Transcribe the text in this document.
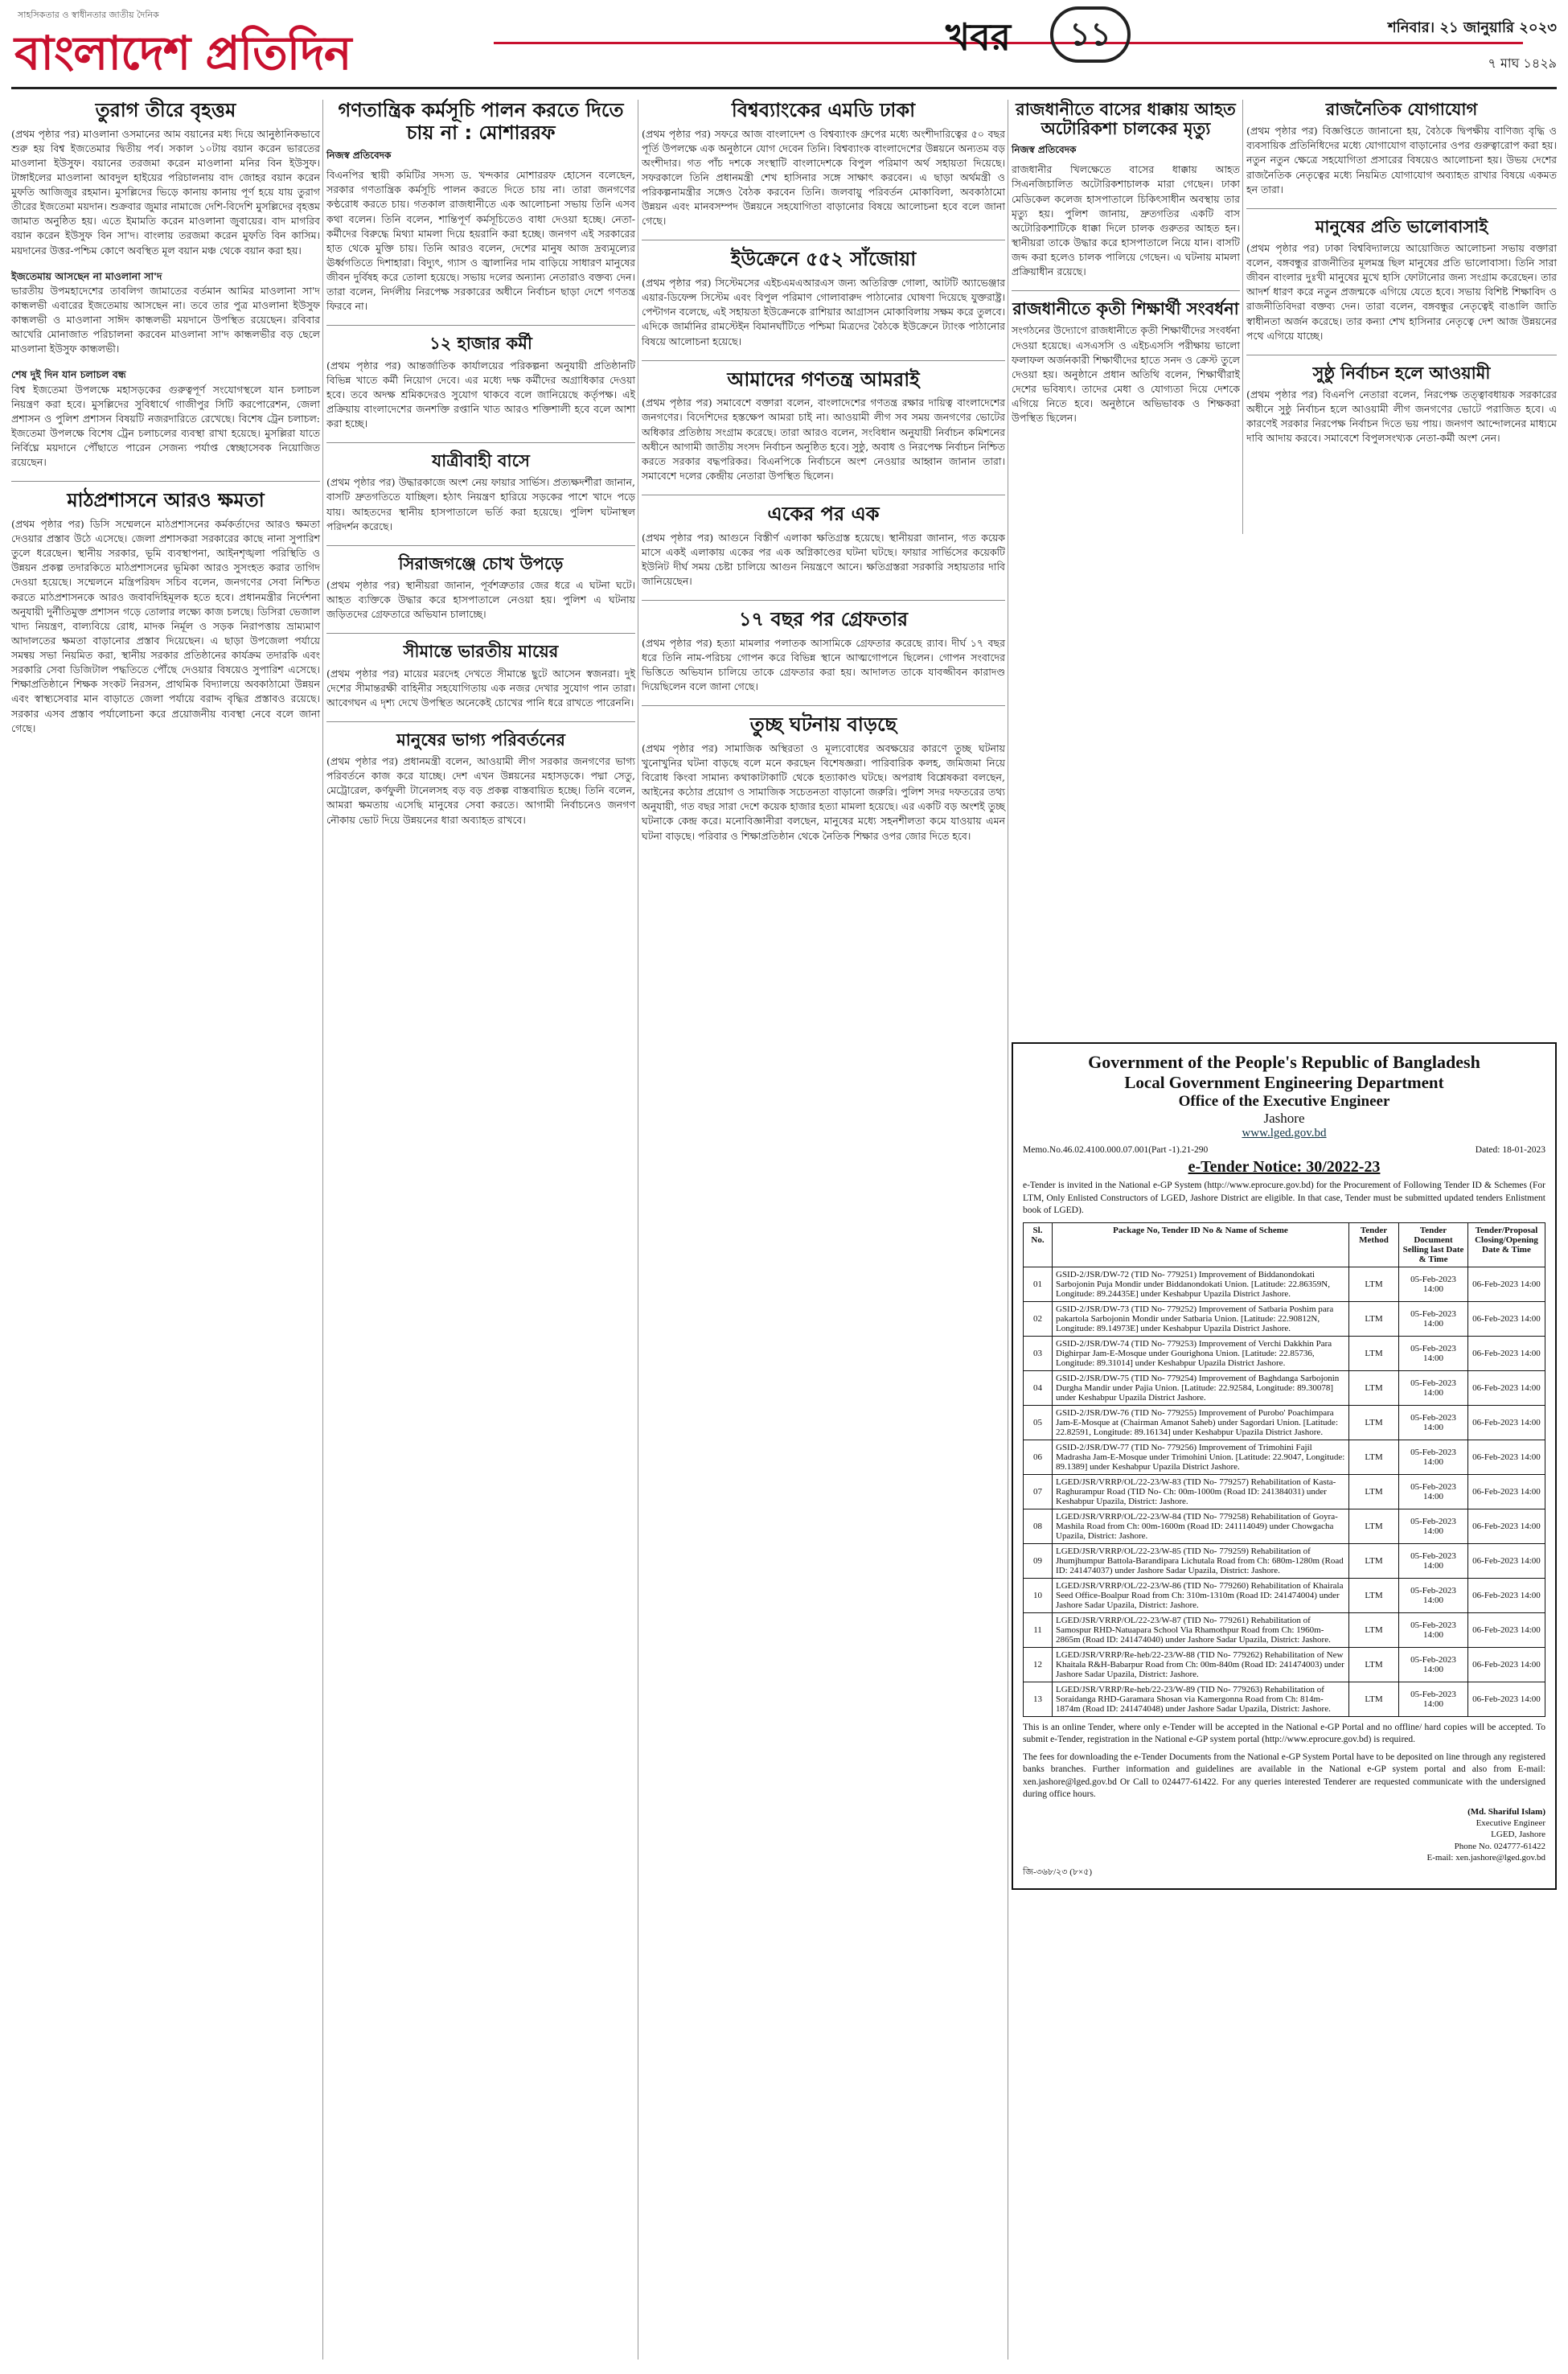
সাহসিকতার ও স্বাধীনতার জাতীয় দৈনিক
বাংলাদেশ প্রতিদিন	খবর	১১	শনিবার। ২১ জানুয়ারি ২০২৩
৭ মাঘ ১৪২৯
তুরাগ তীরে বৃহত্তম

(প্রথম পৃষ্ঠার পর) মাওলানা ওসমানের আম বয়ানের মধ্য দিয়ে আনুষ্ঠানিকভাবে শুরু হয় বিশ্ব ইজতেমার দ্বিতীয় পর্ব। সকাল ১০টায় বয়ান করেন ভারতের মাওলানা ইউসুফ। বয়ানের তরজমা করেন মাওলানা মনির বিন ইউসুফ। টাঙ্গাইলের মাওলানা আবদুল হাইয়ের পরিচালনায় বাদ জোহর বয়ান করেন মুফতি আজিজুর রহমান। মুসল্লিদের ভিড়ে কানায় কানায় পূর্ণ হয়ে যায় তুরাগ তীরের ইজতেমা ময়দান। শুক্রবার জুমার নামাজে দেশি-বিদেশি মুসল্লিদের বৃহত্তম জামাত অনুষ্ঠিত হয়। এতে ইমামতি করেন মাওলানা জুবায়ের। বাদ মাগরিব বয়ান করেন ইউসুফ বিন সা'দ। বাংলায় তরজমা করেন মুফতি বিন কাসিম। ময়দানের উত্তর-পশ্চিম কোণে অবস্থিত মূল বয়ান মঞ্চ থেকে বয়ান করা হয়।

ইজতেমায় আসছেন না মাওলানা সা'দ

ভারতীয় উপমহাদেশের তাবলিগ জামাতের বর্তমান আমির মাওলানা সা'দ কান্ধলভী এবারের ইজতেমায় আসছেন না। তবে তার পুত্র মাওলানা ইউসুফ কান্ধলভী ও মাওলানা সাঈদ কান্ধলভী ময়দানে উপস্থিত রয়েছেন। রবিবার আখেরি মোনাজাত পরিচালনা করবেন মাওলানা সা'দ কান্ধলভীর বড় ছেলে মাওলানা ইউসুফ কান্ধলভী।

শেষ দুই দিন যান চলাচল বন্ধ

বিশ্ব ইজতেমা উপলক্ষে মহাসড়কের গুরুত্বপূর্ণ সংযোগস্থলে যান চলাচল নিয়ন্ত্রণ করা হবে। মুসল্লিদের সুবিধার্থে গাজীপুর সিটি করপোরেশন, জেলা প্রশাসন ও পুলিশ প্রশাসন বিষয়টি নজরদারিতে রেখেছে। বিশেষ ট্রেন চলাচল: ইজতেমা উপলক্ষে বিশেষ ট্রেন চলাচলের ব্যবস্থা রাখা হয়েছে। মুসল্লিরা যাতে নির্বিঘ্নে ময়দানে পৌঁছাতে পারেন সেজন্য পর্যাপ্ত স্বেচ্ছাসেবক নিয়োজিত রয়েছেন।

মাঠপ্রশাসনে আরও ক্ষমতা

(প্রথম পৃষ্ঠার পর) ডিসি সম্মেলনে মাঠপ্রশাসনের কর্মকর্তাদের আরও ক্ষমতা দেওয়ার প্রস্তাব উঠে এসেছে। জেলা প্রশাসকরা সরকারের কাছে নানা সুপারিশ তুলে ধরেছেন। স্থানীয় সরকার, ভূমি ব্যবস্থাপনা, আইনশৃঙ্খলা পরিস্থিতি ও উন্নয়ন প্রকল্প তদারকিতে মাঠপ্রশাসনের ভূমিকা আরও সুসংহত করার তাগিদ দেওয়া হয়েছে। সম্মেলনে মন্ত্রিপরিষদ সচিব বলেন, জনগণের সেবা নিশ্চিত করতে মাঠপ্রশাসনকে আরও জবাবদিহিমূলক হতে হবে। প্রধানমন্ত্রীর নির্দেশনা অনুযায়ী দুর্নীতিমুক্ত প্রশাসন গড়ে তোলার লক্ষ্যে কাজ চলছে। ডিসিরা ভেজাল খাদ্য নিয়ন্ত্রণ, বাল্যবিয়ে রোধ, মাদক নির্মূল ও সড়ক নিরাপত্তায় ভ্রাম্যমাণ আদালতের ক্ষমতা বাড়ানোর প্রস্তাব দিয়েছেন। এ ছাড়া উপজেলা পর্যায়ে সমন্বয় সভা নিয়মিত করা, স্থানীয় সরকার প্রতিষ্ঠানের কার্যক্রম তদারকি এবং সরকারি সেবা ডিজিটাল পদ্ধতিতে পৌঁছে দেওয়ার বিষয়েও সুপারিশ এসেছে। শিক্ষাপ্রতিষ্ঠানে শিক্ষক সংকট নিরসন, প্রাথমিক বিদ্যালয়ে অবকাঠামো উন্নয়ন এবং স্বাস্থ্যসেবার মান বাড়াতে জেলা পর্যায়ে বরাদ্দ বৃদ্ধির প্রস্তাবও রয়েছে। সরকার এসব প্রস্তাব পর্যালোচনা করে প্রয়োজনীয় ব্যবস্থা নেবে বলে জানা গেছে।

গণতান্ত্রিক কর্মসূচি পালন করতে দিতে চায় না : মোশাররফ
নিজস্ব প্রতিবেদক

বিএনপির স্থায়ী কমিটির সদস্য ড. খন্দকার মোশাররফ হোসেন বলেছেন, সরকার গণতান্ত্রিক কর্মসূচি পালন করতে দিতে চায় না। তারা জনগণের কণ্ঠরোধ করতে চায়। গতকাল রাজধানীতে এক আলোচনা সভায় তিনি এসব কথা বলেন। তিনি বলেন, শান্তিপূর্ণ কর্মসূচিতেও বাধা দেওয়া হচ্ছে। নেতা-কর্মীদের বিরুদ্ধে মিথ্যা মামলা দিয়ে হয়রানি করা হচ্ছে। জনগণ এই সরকারের হাত থেকে মুক্তি চায়। তিনি আরও বলেন, দেশের মানুষ আজ দ্রব্যমূল্যের ঊর্ধ্বগতিতে দিশাহারা। বিদ্যুৎ, গ্যাস ও জ্বালানির দাম বাড়িয়ে সাধারণ মানুষের জীবন দুর্বিষহ করে তোলা হয়েছে। সভায় দলের অন্যান্য নেতারাও বক্তব্য দেন। তারা বলেন, নির্দলীয় নিরপেক্ষ সরকারের অধীনে নির্বাচন ছাড়া দেশে গণতন্ত্র ফিরবে না।

১২ হাজার কর্মী

(প্রথম পৃষ্ঠার পর) আন্তর্জাতিক কার্যালয়ের পরিকল্পনা অনুযায়ী প্রতিষ্ঠানটি বিভিন্ন খাতে কর্মী নিয়োগ দেবে। এর মধ্যে দক্ষ কর্মীদের অগ্রাধিকার দেওয়া হবে। তবে অদক্ষ শ্রমিকদেরও সুযোগ থাকবে বলে জানিয়েছে কর্তৃপক্ষ। এই প্রক্রিয়ায় বাংলাদেশের জনশক্তি রপ্তানি খাত আরও শক্তিশালী হবে বলে আশা করা হচ্ছে।

যাত্রীবাহী বাসে

(প্রথম পৃষ্ঠার পর) উদ্ধারকাজে অংশ নেয় ফায়ার সার্ভিস। প্রত্যক্ষদর্শীরা জানান, বাসটি দ্রুতগতিতে যাচ্ছিল। হঠাৎ নিয়ন্ত্রণ হারিয়ে সড়কের পাশে খাদে পড়ে যায়। আহতদের স্থানীয় হাসপাতালে ভর্তি করা হয়েছে। পুলিশ ঘটনাস্থল পরিদর্শন করেছে।

সিরাজগঞ্জে চোখ উপড়ে

(প্রথম পৃষ্ঠার পর) স্থানীয়রা জানান, পূর্বশত্রুতার জের ধরে এ ঘটনা ঘটে। আহত ব্যক্তিকে উদ্ধার করে হাসপাতালে নেওয়া হয়। পুলিশ এ ঘটনায় জড়িতদের গ্রেফতারে অভিযান চালাচ্ছে।

সীমান্তে ভারতীয় মায়ের

(প্রথম পৃষ্ঠার পর) মায়ের মরদেহ দেখতে সীমান্তে ছুটে আসেন স্বজনরা। দুই দেশের সীমান্তরক্ষী বাহিনীর সহযোগিতায় এক নজর দেখার সুযোগ পান তারা। আবেগঘন এ দৃশ্য দেখে উপস্থিত অনেকেই চোখের পানি ধরে রাখতে পারেননি।

মানুষের ভাগ্য পরিবর্তনের

(প্রথম পৃষ্ঠার পর) প্রধানমন্ত্রী বলেন, আওয়ামী লীগ সরকার জনগণের ভাগ্য পরিবর্তনে কাজ করে যাচ্ছে। দেশ এখন উন্নয়নের মহাসড়কে। পদ্মা সেতু, মেট্রোরেল, কর্ণফুলী টানেলসহ বড় বড় প্রকল্প বাস্তবায়িত হচ্ছে। তিনি বলেন, আমরা ক্ষমতায় এসেছি মানুষের সেবা করতে। আগামী নির্বাচনেও জনগণ নৌকায় ভোট দিয়ে উন্নয়নের ধারা অব্যাহত রাখবে।

বিশ্বব্যাংকের এমডি ঢাকা

(প্রথম পৃষ্ঠার পর) সফরে আজ বাংলাদেশ ও বিশ্বব্যাংক গ্রুপের মধ্যে অংশীদারিত্বের ৫০ বছর পূর্তি উপলক্ষে এক অনুষ্ঠানে যোগ দেবেন তিনি। বিশ্বব্যাংক বাংলাদেশের উন্নয়নে অন্যতম বড় অংশীদার। গত পাঁচ দশকে সংস্থাটি বাংলাদেশকে বিপুল পরিমাণ অর্থ সহায়তা দিয়েছে। সফরকালে তিনি প্রধানমন্ত্রী শেখ হাসিনার সঙ্গে সাক্ষাৎ করবেন। এ ছাড়া অর্থমন্ত্রী ও পরিকল্পনামন্ত্রীর সঙ্গেও বৈঠক করবেন তিনি। জলবায়ু পরিবর্তন মোকাবিলা, অবকাঠামো উন্নয়ন এবং মানবসম্পদ উন্নয়নে সহযোগিতা বাড়ানোর বিষয়ে আলোচনা হবে বলে জানা গেছে।

ইউক্রেনে ৫৫২ সাঁজোয়া

(প্রথম পৃষ্ঠার পর) সিস্টেমসের এইচএমএআরএস জন্য অতিরিক্ত গোলা, আটটি অ্যাভেঞ্জার এয়ার-ডিফেন্স সিস্টেম এবং বিপুল পরিমাণ গোলাবারুদ পাঠানোর ঘোষণা দিয়েছে যুক্তরাষ্ট্র। পেন্টাগন বলেছে, এই সহায়তা ইউক্রেনকে রাশিয়ার আগ্রাসন মোকাবিলায় সক্ষম করে তুলবে। এদিকে জার্মানির রামস্টেইন বিমানঘাঁটিতে পশ্চিমা মিত্রদের বৈঠকে ইউক্রেনে ট্যাংক পাঠানোর বিষয়ে আলোচনা হয়েছে।

আমাদের গণতন্ত্র আমরাই

(প্রথম পৃষ্ঠার পর) সমাবেশে বক্তারা বলেন, বাংলাদেশের গণতন্ত্র রক্ষার দায়িত্ব বাংলাদেশের জনগণের। বিদেশিদের হস্তক্ষেপ আমরা চাই না। আওয়ামী লীগ সব সময় জনগণের ভোটের অধিকার প্রতিষ্ঠায় সংগ্রাম করেছে। তারা আরও বলেন, সংবিধান অনুযায়ী নির্বাচন কমিশনের অধীনে আগামী জাতীয় সংসদ নির্বাচন অনুষ্ঠিত হবে। সুষ্ঠু, অবাধ ও নিরপেক্ষ নির্বাচন নিশ্চিত করতে সরকার বদ্ধপরিকর। বিএনপিকে নির্বাচনে অংশ নেওয়ার আহ্বান জানান তারা। সমাবেশে দলের কেন্দ্রীয় নেতারা উপস্থিত ছিলেন।

একের পর এক

(প্রথম পৃষ্ঠার পর) আগুনে বিস্তীর্ণ এলাকা ক্ষতিগ্রস্ত হয়েছে। স্থানীয়রা জানান, গত কয়েক মাসে একই এলাকায় একের পর এক অগ্নিকাণ্ডের ঘটনা ঘটছে। ফায়ার সার্ভিসের কয়েকটি ইউনিট দীর্ঘ সময় চেষ্টা চালিয়ে আগুন নিয়ন্ত্রণে আনে। ক্ষতিগ্রস্তরা সরকারি সহায়তার দাবি জানিয়েছেন।

১৭ বছর পর গ্রেফতার

(প্রথম পৃষ্ঠার পর) হত্যা মামলার পলাতক আসামিকে গ্রেফতার করেছে র‌্যাব। দীর্ঘ ১৭ বছর ধরে তিনি নাম-পরিচয় গোপন করে বিভিন্ন স্থানে আত্মগোপনে ছিলেন। গোপন সংবাদের ভিত্তিতে অভিযান চালিয়ে তাকে গ্রেফতার করা হয়। আদালত তাকে যাবজ্জীবন কারাদণ্ড দিয়েছিলেন বলে জানা গেছে।

তুচ্ছ ঘটনায় বাড়ছে

(প্রথম পৃষ্ঠার পর) সামাজিক অস্থিরতা ও মূল্যবোধের অবক্ষয়ের কারণে তুচ্ছ ঘটনায় খুনোখুনির ঘটনা বাড়ছে বলে মনে করছেন বিশেষজ্ঞরা। পারিবারিক কলহ, জমিজমা নিয়ে বিরোধ কিংবা সামান্য কথাকাটাকাটি থেকে হত্যাকাণ্ড ঘটছে। অপরাধ বিশ্লেষকরা বলছেন, আইনের কঠোর প্রয়োগ ও সামাজিক সচেতনতা বাড়ানো জরুরি। পুলিশ সদর দফতরের তথ্য অনুযায়ী, গত বছর সারা দেশে কয়েক হাজার হত্যা মামলা হয়েছে। এর একটি বড় অংশই তুচ্ছ ঘটনাকে কেন্দ্র করে। মনোবিজ্ঞানীরা বলছেন, মানুষের মধ্যে সহনশীলতা কমে যাওয়ায় এমন ঘটনা বাড়ছে। পরিবার ও শিক্ষাপ্রতিষ্ঠান থেকে নৈতিক শিক্ষার ওপর জোর দিতে হবে।

রাজধানীতে বাসের ধাক্কায় আহত অটোরিকশা চালকের মৃত্যু
নিজস্ব প্রতিবেদক

রাজধানীর খিলক্ষেতে বাসের ধাক্কায় আহত সিএনজিচালিত অটোরিকশাচালক মারা গেছেন। ঢাকা মেডিকেল কলেজ হাসপাতালে চিকিৎসাধীন অবস্থায় তার মৃত্যু হয়। পুলিশ জানায়, দ্রুতগতির একটি বাস অটোরিকশাটিকে ধাক্কা দিলে চালক গুরুতর আহত হন। স্থানীয়রা তাকে উদ্ধার করে হাসপাতালে নিয়ে যান। বাসটি জব্দ করা হলেও চালক পালিয়ে গেছেন। এ ঘটনায় মামলা প্রক্রিয়াধীন রয়েছে।

রাজধানীতে কৃতী শিক্ষার্থী সংবর্ধনা

সংগঠনের উদ্যোগে রাজধানীতে কৃতী শিক্ষার্থীদের সংবর্ধনা দেওয়া হয়েছে। এসএসসি ও এইচএসসি পরীক্ষায় ভালো ফলাফল অর্জনকারী শিক্ষার্থীদের হাতে সনদ ও ক্রেস্ট তুলে দেওয়া হয়। অনুষ্ঠানে প্রধান অতিথি বলেন, শিক্ষার্থীরাই দেশের ভবিষ্যৎ। তাদের মেধা ও যোগ্যতা দিয়ে দেশকে এগিয়ে নিতে হবে। অনুষ্ঠানে অভিভাবক ও শিক্ষকরা উপস্থিত ছিলেন।

রাজনৈতিক যোগাযোগ

(প্রথম পৃষ্ঠার পর) বিজ্ঞপ্তিতে জানানো হয়, বৈঠকে দ্বিপক্ষীয় বাণিজ্য বৃদ্ধি ও ব্যবসায়িক প্রতিনিধিদের মধ্যে যোগাযোগ বাড়ানোর ওপর গুরুত্বারোপ করা হয়। নতুন নতুন ক্ষেত্রে সহযোগিতা প্রসারের বিষয়েও আলোচনা হয়। উভয় দেশের রাজনৈতিক নেতৃত্বের মধ্যে নিয়মিত যোগাযোগ অব্যাহত রাখার বিষয়ে একমত হন তারা।

মানুষের প্রতি ভালোবাসাই

(প্রথম পৃষ্ঠার পর) ঢাকা বিশ্ববিদ্যালয়ে আয়োজিত আলোচনা সভায় বক্তারা বলেন, বঙ্গবন্ধুর রাজনীতির মূলমন্ত্র ছিল মানুষের প্রতি ভালোবাসা। তিনি সারা জীবন বাংলার দুঃখী মানুষের মুখে হাসি ফোটানোর জন্য সংগ্রাম করেছেন। তার আদর্শ ধারণ করে নতুন প্রজন্মকে এগিয়ে যেতে হবে। সভায় বিশিষ্ট শিক্ষাবিদ ও রাজনীতিবিদরা বক্তব্য দেন। তারা বলেন, বঙ্গবন্ধুর নেতৃত্বেই বাঙালি জাতি স্বাধীনতা অর্জন করেছে। তার কন্যা শেখ হাসিনার নেতৃত্বে দেশ আজ উন্নয়নের পথে এগিয়ে যাচ্ছে।

সুষ্ঠু নির্বাচন হলে আওয়ামী

(প্রথম পৃষ্ঠার পর) বিএনপি নেতারা বলেন, নিরপেক্ষ তত্ত্বাবধায়ক সরকারের অধীনে সুষ্ঠু নির্বাচন হলে আওয়ামী লীগ জনগণের ভোটে পরাজিত হবে। এ কারণেই সরকার নিরপেক্ষ নির্বাচন দিতে ভয় পায়। জনগণ আন্দোলনের মাধ্যমে দাবি আদায় করবে। সমাবেশে বিপুলসংখ্যক নেতা-কর্মী অংশ নেন।

Government of the People's Republic of Bangladesh
Local Government Engineering Department
Office of the Executive Engineer
Jashore
www.lged.gov.bd
Memo.No.46.02.4100.000.07.001(Part -1).21-290	Dated: 18-01-2023
e-Tender Notice: 30/2022-23
e-Tender is invited in the National e-GP System (http://www.eprocure.gov.bd) for the Procurement of Following Tender ID & Schemes (For LTM, Only Enlisted Constructors of LGED, Jashore District are eligible. In that case, Tender must be submitted updated tenders Enlistment book of LGED).
Sl. No.	Package No, Tender ID No & Name of Scheme	Tender Method	Tender Document Selling last Date & Time	Tender/Proposal Closing/Opening Date & Time
01	GSID-2/JSR/DW-72 (TID No- 779251) Improvement of Biddanondokati Sarbojonin Puja Mondir under Biddanondokati Union. [Latitude: 22.86359N, Longitude: 89.24435E] under Keshabpur Upazila District Jashore.	LTM	05-Feb-2023 14:00	06-Feb-2023 14:00
02	GSID-2/JSR/DW-73 (TID No- 779252) Improvement of Satbaria Poshim para pakartola Sarbojonin Mondir under Satbaria Union. [Latitude: 22.90812N, Longitude: 89.14973E] under Keshabpur Upazila District Jashore.	LTM	05-Feb-2023 14:00	06-Feb-2023 14:00
03	GSID-2/JSR/DW-74 (TID No- 779253) Improvement of Verchi Dakkhin Para Dighirpar Jam-E-Mosque under Gourighona Union. [Latitude: 22.85736, Longitude: 89.31014] under Keshabpur Upazila District Jashore.	LTM	05-Feb-2023 14:00	06-Feb-2023 14:00
04	GSID-2/JSR/DW-75 (TID No- 779254) Improvement of Baghdanga Sarbojonin Durgha Mandir under Pajia Union. [Latitude: 22.92584, Longitude: 89.30078] under Keshabpur Upazila District Jashore.	LTM	05-Feb-2023 14:00	06-Feb-2023 14:00
05	GSID-2/JSR/DW-76 (TID No- 779255) Improvement of Purobo' Poachimpara Jam-E-Mosque at (Chairman Amanot Saheb) under Sagordari Union. [Latitude: 22.82591, Longitude: 89.16134] under Keshabpur Upazila District Jashore.	LTM	05-Feb-2023 14:00	06-Feb-2023 14:00
06	GSID-2/JSR/DW-77 (TID No- 779256) Improvement of Trimohini Fajil Madrasha Jam-E-Mosque under Trimohini Union. [Latitude: 22.9047, Longitude: 89.1389] under Keshabpur Upazila District Jashore.	LTM	05-Feb-2023 14:00	06-Feb-2023 14:00
07	LGED/JSR/VRRP/OL/22-23/W-83 (TID No- 779257) Rehabilitation of Kasta- Raghurampur Road (TID No- Ch: 00m-1000m (Road ID: 241384031) under Keshabpur Upazila, District: Jashore.	LTM	05-Feb-2023 14:00	06-Feb-2023 14:00
08	LGED/JSR/VRRP/OL/22-23/W-84 (TID No- 779258) Rehabilitation of Goyra- Mashila Road from Ch: 00m-1600m (Road ID: 241114049) under Chowgacha Upazila, District: Jashore.	LTM	05-Feb-2023 14:00	06-Feb-2023 14:00
09	LGED/JSR/VRRP/OL/22-23/W-85 (TID No- 779259) Rehabilitation of Jhumjhumpur Battola-Barandipara Lichutala Road from Ch: 680m-1280m (Road ID: 241474037) under Jashore Sadar Upazila, District: Jashore.	LTM	05-Feb-2023 14:00	06-Feb-2023 14:00
10	LGED/JSR/VRRP/OL/22-23/W-86 (TID No- 779260) Rehabilitation of Khairala Seed Office-Boalpur Road from Ch: 310m-1310m (Road ID: 241474004) under Jashore Sadar Upazila, District: Jashore.	LTM	05-Feb-2023 14:00	06-Feb-2023 14:00
11	LGED/JSR/VRRP/OL/22-23/W-87 (TID No- 779261) Rehabilitation of Samospur RHD-Natuapara School Via Rhamothpur Road from Ch: 1960m-2865m (Road ID: 241474040) under Jashore Sadar Upazila, District: Jashore.	LTM	05-Feb-2023 14:00	06-Feb-2023 14:00
12	LGED/JSR/VRRP/Re-heb/22-23/W-88 (TID No- 779262) Rehabilitation of New Khaitala R&H-Babarpur Road from Ch: 00m-840m (Road ID: 241474003) under Jashore Sadar Upazila, District: Jashore.	LTM	05-Feb-2023 14:00	06-Feb-2023 14:00
13	LGED/JSR/VRRP/Re-heb/22-23/W-89 (TID No- 779263) Rehabilitation of Soraidanga RHD-Garamara Shosan via Kamergonna Road from Ch: 814m-1874m (Road ID: 241474048) under Jashore Sadar Upazila, District: Jashore.	LTM	05-Feb-2023 14:00	06-Feb-2023 14:00
This is an online Tender, where only e-Tender will be accepted in the National e-GP Portal and no offline/ hard copies will be accepted. To submit e-Tender, registration in the National e-GP system portal (http://www.eprocure.gov.bd) is required.
The fees for downloading the e-Tender Documents from the National e-GP System Portal have to be deposited on line through any registered banks branches. Further information and guidelines are available in the National e-GP system portal and also from E-mail: xen.jashore@lged.gov.bd Or Call to 024477-61422. For any queries interested Tenderer are requested communicate with the undersigned during office hours.
(Md. Shariful Islam)
Executive Engineer
LGED, Jashore
Phone No. 024777-61422
E-mail: xen.jashore@lged.gov.bd
জি-৩৬৮/২৩ (৮×৫)
